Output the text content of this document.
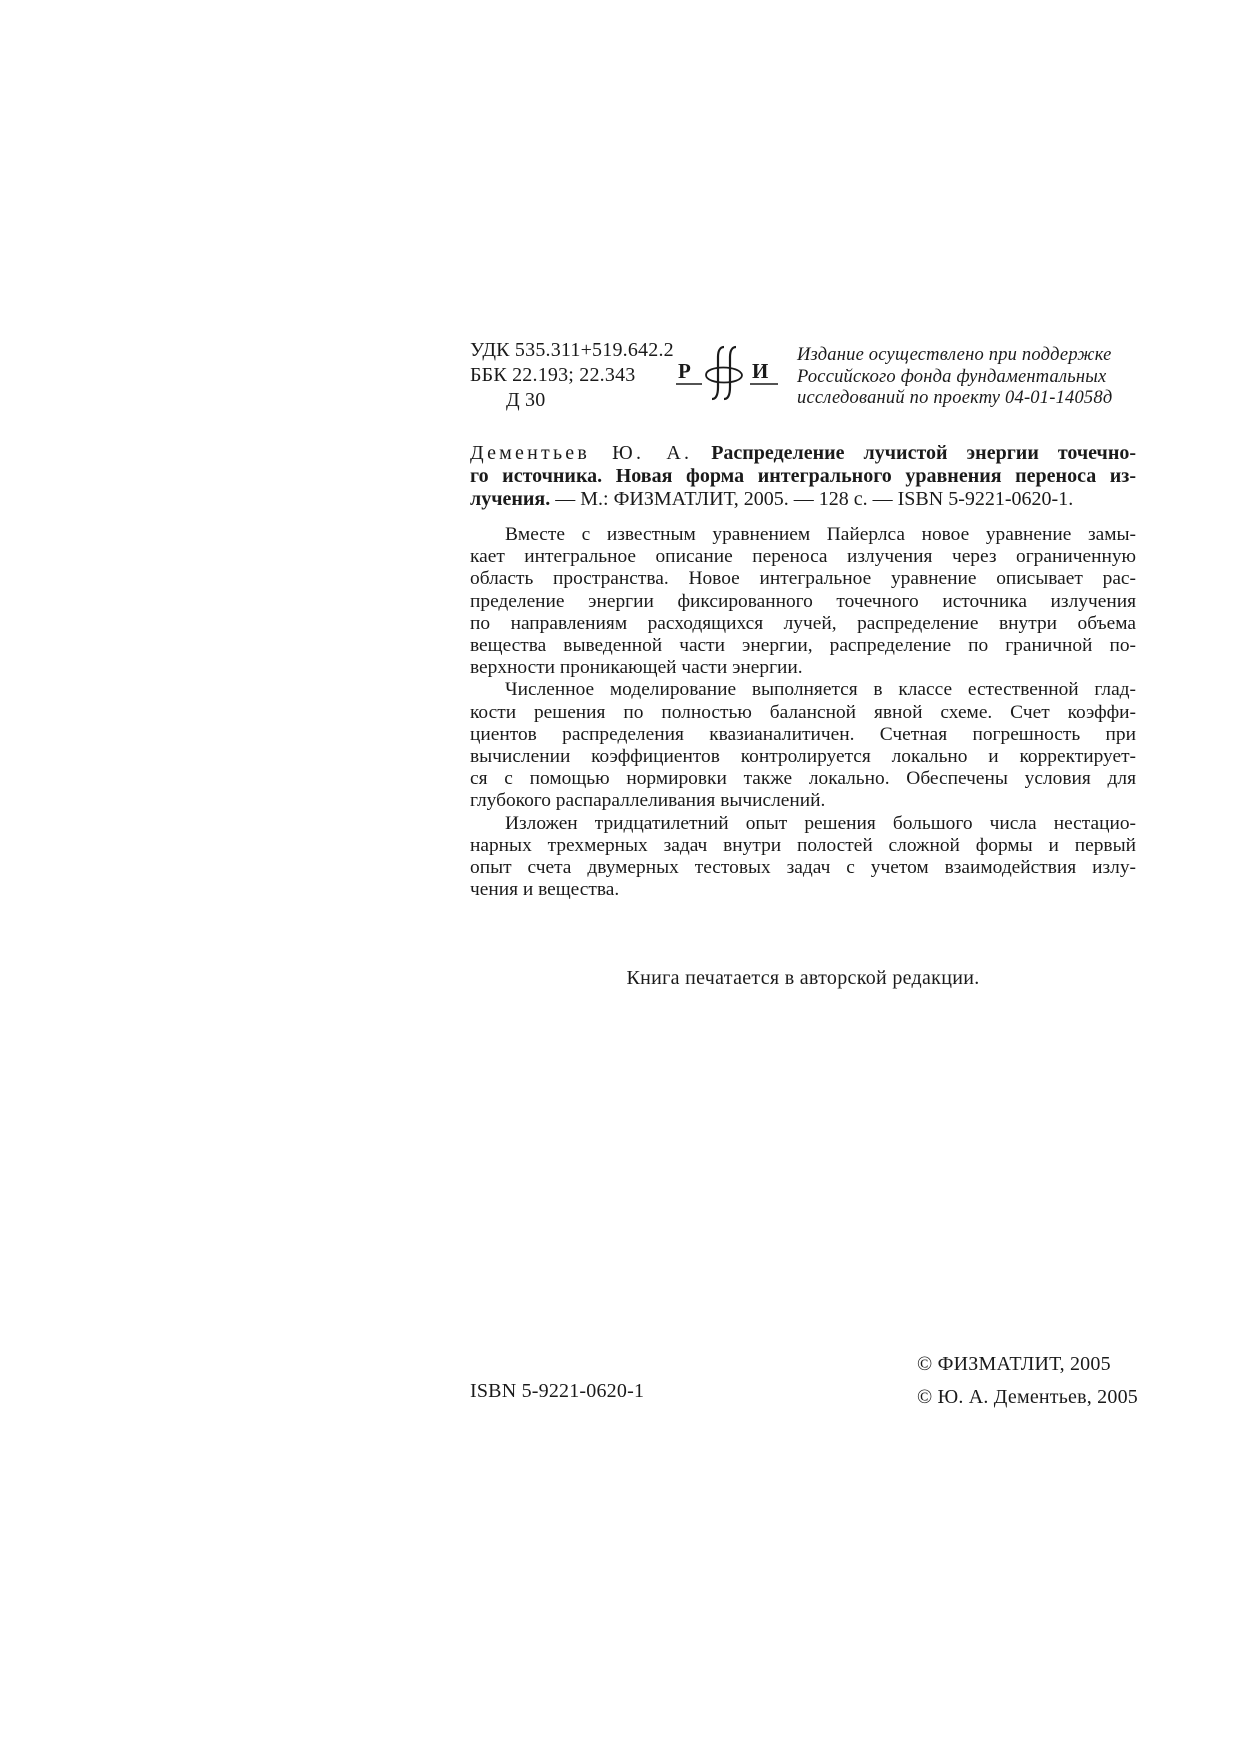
УДК 535.311+519.642.2
ББК 22.193; 22.343
Д 30
Р	И
Издание осуществлено при поддержке
Российского фонда фундаментальных
исследований по проекту 04-01-14058д
Дементьев Ю. А. Распределение лучистой энергии точечно-
го источника. Новая форма интегрального уравнения переноса из-
лучения. — М.: ФИЗМАТЛИТ, 2005. — 128 с. — ISBN 5-9221-0620-1.
Вместе с известным уравнением Пайерлса новое уравнение замы-
кает интегральное описание переноса излучения через ограниченную
область пространства. Новое интегральное уравнение описывает рас-
пределение энергии фиксированного точечного источника излучения
по направлениям расходящихся лучей, распределение внутри объема
вещества выведенной части энергии, распределение по граничной по-
верхности проникающей части энергии.
Численное моделирование выполняется в классе естественной глад-
кости решения по полностью балансной явной схеме. Счет коэффи-
циентов распределения квазианалитичен. Счетная погрешность при
вычислении коэффициентов контролируется локально и корректирует-
ся с помощью нормировки также локально. Обеспечены условия для
глубокого распараллеливания вычислений.
Изложен тридцатилетний опыт решения большого числа нестацио-
нарных трехмерных задач внутри полостей сложной формы и первый
опыт счета двумерных тестовых задач с учетом взаимодействия излу-
чения и вещества.
Книга печатается в авторской редакции.
ISBN 5-9221-0620-1
© ФИЗМАТЛИТ, 2005
© Ю. А. Дементьев, 2005
